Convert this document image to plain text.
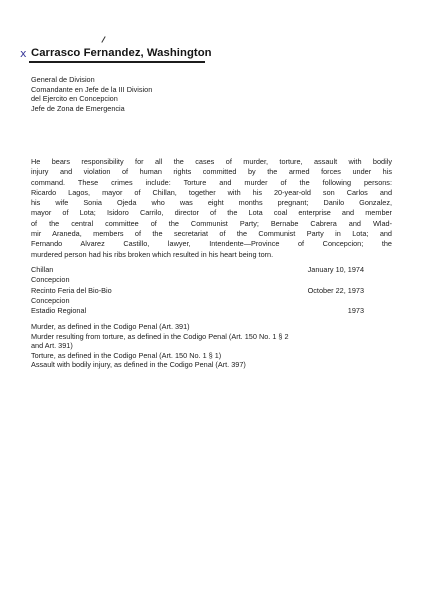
x Carrasco Fernandez, Washington
General de Division
Comandante en Jefe de la III Division
del Ejercito en Concepcion
Jefe de Zona de Emergencia
He bears responsibility for all the cases of murder, torture, assault with bodily
injury and violation of human rights committed by the armed forces under his
command. These crimes include: Torture and murder of the following persons:
Ricardo Lagos, mayor of Chillan, together with his 20-year-old son Carlos and
his wife Sonia Ojeda who was eight months pregnant; Danilo Gonzalez,
mayor of Lota; Isidoro Carrilo, director of the Lota coal enterprise and member
of the central committee of the Communist Party; Bernabe Cabrera and Wlad-
mir Araneda, members of the secretariat of the Communist Party in Lota; and
Fernando Alvarez Castillo, lawyer, Intendente—Province of Concepcion; the
murdered person had his ribs broken which resulted in his heart being torn.
Chillan	January 10, 1974
Concepcion
Recinto Feria del Bio-Bio	October 22, 1973
Concepcion
Estadio Regional	1973
Murder, as defined in the Codigo Penal (Art. 391)
Murder resulting from torture, as defined in the Codigo Penal (Art. 150 No. 1 § 2
and Art. 391)
Torture, as defined in the Codigo Penal (Art. 150 No. 1 § 1)
Assault with bodily injury, as defined in the Codigo Penal (Art. 397)
